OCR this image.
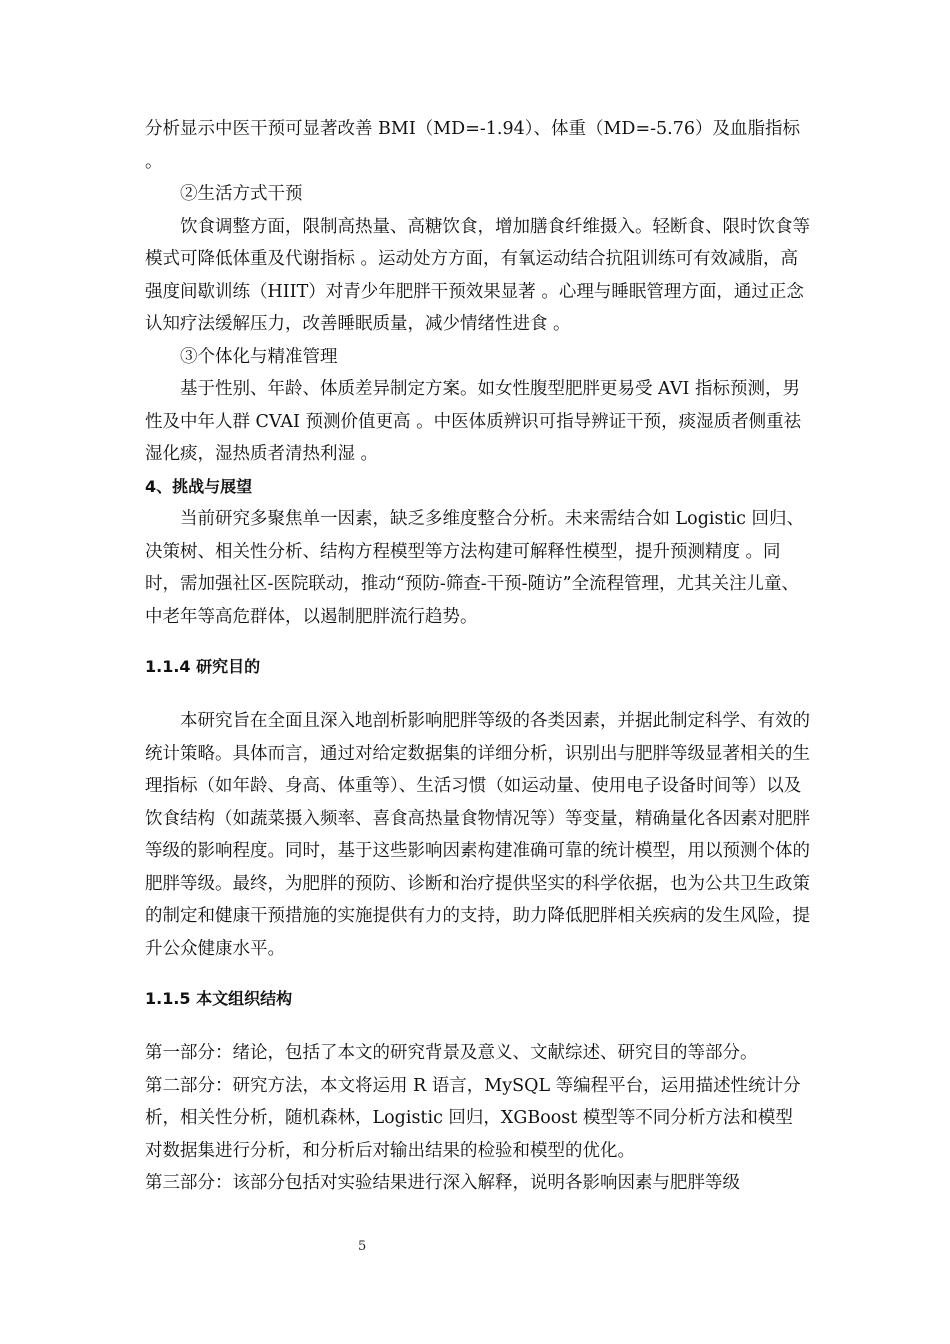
分析显示中医干预可显著改善 BMI（MD=-1.94）、体重（MD=-5.76）及血脂指标 。

②生活方式干预

饮食调整方面，限制高热量、高糖饮食，增加膳食纤维摄入。轻断食、限时饮食等模式可降低体重及代谢指标 。运动处方方面，有氧运动结合抗阻训练可有效减脂，高强度间歇训练（HIIT）对青少年肥胖干预效果显著 。心理与睡眠管理方面，通过正念认知疗法缓解压力，改善睡眠质量，减少情绪性进食 。

③个体化与精准管理

基于性别、年龄、体质差异制定方案。如女性腹型肥胖更易受 AVI 指标预测，男性及中年人群 CVAI 预测价值更高 。中医体质辨识可指导辨证干预，痰湿质者侧重祛湿化痰，湿热质者清热利湿 。

4、挑战与展望

当前研究多聚焦单一因素，缺乏多维度整合分析。未来需结合如 Logistic 回归、决策树、相关性分析、结构方程模型等方法构建可解释性模型，提升预测精度 。同时，需加强社区-医院联动，推动“预防-筛查-干预-随访”全流程管理，尤其关注儿童、中老年等高危群体，以遏制肥胖流行趋势。

1.1.4 研究目的

本研究旨在全面且深入地剖析影响肥胖等级的各类因素，并据此制定科学、有效的统计策略。具体而言，通过对给定数据集的详细分析，识别出与肥胖等级显著相关的生理指标（如年龄、身高、体重等）、生活习惯（如运动量、使用电子设备时间等）以及饮食结构（如蔬菜摄入频率、喜食高热量食物情况等）等变量，精确量化各因素对肥胖等级的影响程度。同时，基于这些影响因素构建准确可靠的统计模型，用以预测个体的肥胖等级。最终，为肥胖的预防、诊断和治疗提供坚实的科学依据，也为公共卫生政策的制定和健康干预措施的实施提供有力的支持，助力降低肥胖相关疾病的发生风险，提升公众健康水平。

1.1.5 本文组织结构

第一部分：绪论，包括了本文的研究背景及意义、文献综述、研究目的等部分。

第二部分：研究方法，本文将运用 R 语言，MySQL 等编程平台，运用描述性统计分析，相关性分析，随机森林，Logistic 回归，XGBoost 模型等不同分析方法和模型对数据集进行分析，和分析后对输出结果的检验和模型的优化。

第三部分：该部分包括对实验结果进行深入解释，说明各影响因素与肥胖等级

5
